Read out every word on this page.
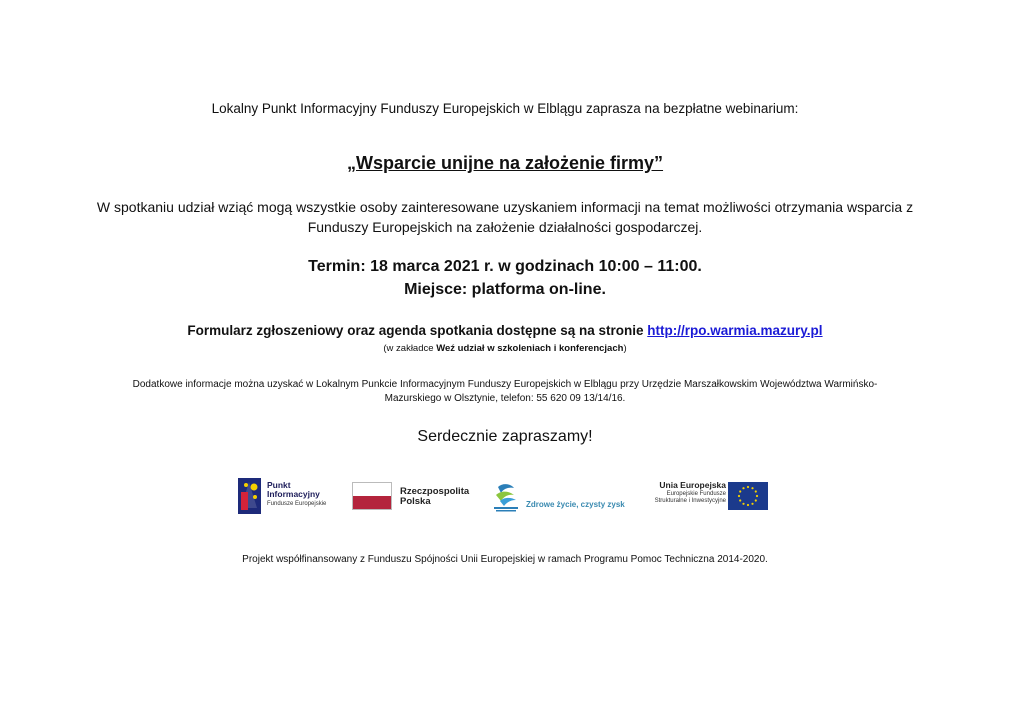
Lokalny Punkt Informacyjny Funduszy Europejskich w Elblągu zaprasza na bezpłatne webinarium:
„Wsparcie unijne na założenie firmy”
W spotkaniu udział wziąć mogą wszystkie osoby zainteresowane uzyskaniem informacji na temat możliwości otrzymania wsparcia z
Funduszy Europejskich na założenie działalności gospodarczej.
Termin: 18 marca 2021 r. w godzinach 10:00 – 11:00.
Miejsce: platforma on-line.
Formularz zgłoszeniowy oraz agenda spotkania dostępne są na stronie http://rpo.warmia.mazury.pl
(w zakładce Weź udział w szkoleniach i konferencjach)
Dodatkowe informacje można uzyskać w Lokalnym Punkcie Informacyjnym Funduszy Europejskich w Elblągu przy Urzędzie Marszałkowskim Województwa Warmińsko-
Mazurskiego w Olsztynie, telefon: 55 620 09 13/14/16.
Serdecznie zapraszamy!
Punkt
Informacyjny
Fundusze Europejskie
Rzeczpospolita
Polska	Zdrowe życie, czysty zysk
Unia Europejska
Europejskie Fundusze
Strukturalne i Inwestycyjne
Projekt współfinansowany z Funduszu Spójności Unii Europejskiej w ramach Programu Pomoc Techniczna 2014-2020.
